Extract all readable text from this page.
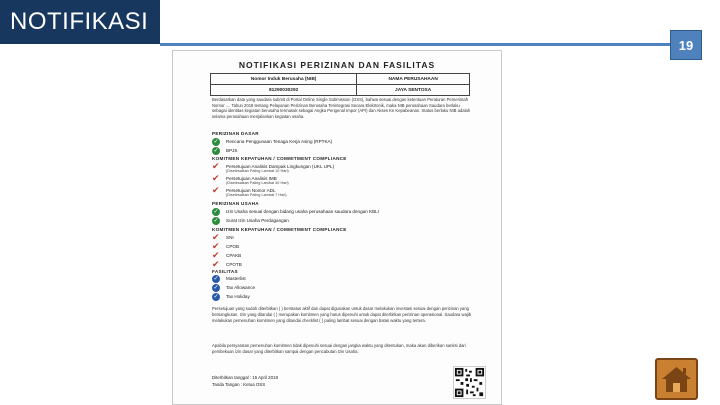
NOTIFIKASI
19
NOTIFIKASI PERIZINAN DAN FASILITAS
Nomor Induk Berusaha (NIB)	NAMA PERUSAHAAN
81290030292	JAYA SENTOSA
Berdasarkan data yang saudara submit di Portal Online Single Submission (OSS), bahwa sesuai dengan ketentuan Peraturan Pemerintah Nomor .... Tahun 2018 tentang Pelayanan Perizinan Berusaha Terintegrasi Secara Elektronik, maka NIB perusahaan Saudara berlaku sebagai identitas kegiatan berusaha termasuk sebagai Angka Pengenal Impor (API) dan Akses Ke Kepabeanan. Status berlaku NIB adalah selama perusahaan menjalankan kegiatan usaha.
PERIZINAN DASAR
✓	Rencana Penggunaan Tenaga Kerja Asing (RPTKA)
✓	BPJS
KOMITMEN KEPATUHAN / COMMITMENT COMPLIANCE
✔ Persetujuan Analisis Dampak Lingkungan (UKL UPL)
(Diselesaikan Paling Lambat 10 Hari)
✔ Persetujuan Analisis IMB
(Diselesaikan Paling Lambat 30 Hari)
✔ Persetujuan Nomor ADL
(Diselesaikan Paling Lambat 7 Hari)
PERIZINAN USAHA
✓	Izin Usaha sesuai dengan bidang usaha perusahaan saudara dengan KBLI
✓	Surat Izin Usaha Perdagangan
KOMITMEN KEPATUHAN / COMMITMENT COMPLIANCE
✔ SNI
✔ CPOB
✔ CPAKB
✔ CPOTB
FASILITAS
✓	Masterlist
✓	Tax Allowance
✓	Tax Holiday
Persetujuan yang sudah diterbitkan ( ) berstatus aktif dan dapat digunakan untuk dasar melakukan investasi sesuai dengan perizinan yang bersangkutan. Izin yang ditandai ( ) merupakan komitmen yang harus dipenuhi untuk dapat diterbitkan perizinan operasional. Saudara wajib melakukan pemenuhan komitmen yang ditandai checklist ( ) paling lambat sesuai dengan batas waktu yang tertera.
Apabila persyaratan pemenuhan komitmen tidak dipenuhi sesuai dengan jangka waktu yang ditentukan, maka akan diberikan sanksi dari pembekuan izin dasar yang diterbitkan sampai dengan pencabutan Izin Usaha.
Diterbitkan tanggal : 15 April 2018
Tanda Tangan : Ketua OSS
